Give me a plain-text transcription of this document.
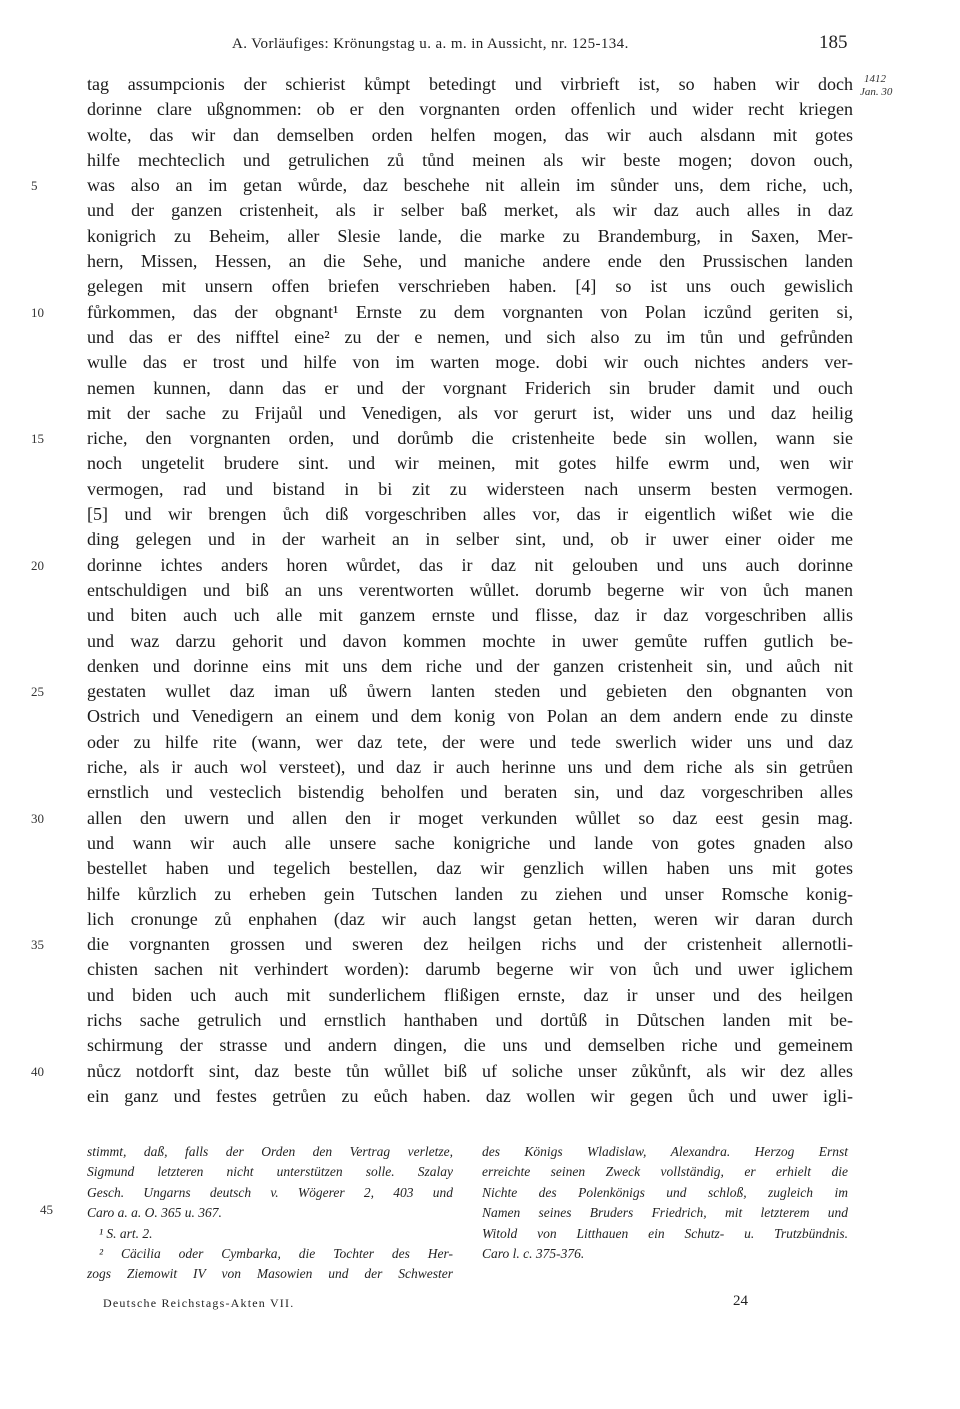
A. Vorläufiges: Krönungstag u. a. m. in Aussicht, nr. 125-134.	185
1412
Jan. 30
tag assumpcionis der schierist kůmpt betedingt und virbrieft ist, so haben wir doch
dorinne clare ußgnommen: ob er den vorgnanten orden offenlich und wider recht kriegen
wolte, das wir dan demselben orden helfen mogen, das wir auch alsdann mit gotes
hilfe mechteclich und getrulichen zů tůnd meinen als wir beste mogen; dovon ouch,
5	was also an im getan wůrde, daz beschehe nit allein im sůnder uns, dem riche, uch,
und der ganzen cristenheit, als ir selber baß merket, als wir daz auch alles in daz
konigrich zu Beheim, aller Slesie lande, die marke zu Brandemburg, in Saxen, Mer-
hern, Missen, Hessen, an die Sehe, und maniche andere ende den Prussischen landen
gelegen mit unsern offen briefen verschrieben haben. [4] so ist uns ouch gewislich
10	fůrkommen, das der obgnant¹ Ernste zu dem vorgnanten von Polan iczůnd geriten si,
und das er des nifftel eine² zu der e nemen, und sich also zu im tůn und gefrůnden
wulle das er trost und hilfe von im warten moge. dobi wir ouch nichtes anders ver-
nemen kunnen, dann das er und der vorgnant Friderich sin bruder damit und ouch
mit der sache zu Frijaůl und Venedigen, als vor gerurt ist, wider uns und daz heilig
15	riche, den vorgnanten orden, und dorůmb die cristenheite bede sin wollen, wann sie
noch ungetelit brudere sint. und wir meinen, mit gotes hilfe ewrm und, wen wir
vermogen, rad und bistand in bi zit zu widersteen nach unserm besten vermogen.
[5] und wir brengen ůch diß vorgeschriben alles vor, das ir eigentlich wißet wie die
ding gelegen und in der warheit an in selber sint, und, ob ir uwer einer oider me
20	dorinne ichtes anders horen wůrdet, das ir daz nit gelouben und uns auch dorinne
entschuldigen und biß an uns verentworten wůllet. dorumb begerne wir von ůch manen
und biten auch uch alle mit ganzem ernste und flisse, daz ir daz vorgeschriben allis
und waz darzu gehorit und davon kommen mochte in uwer gemůte ruffen gutlich be-
denken und dorinne eins mit uns dem riche und der ganzen cristenheit sin, und aůch nit
25	gestaten wullet daz iman uß ůwern lanten steden und gebieten den obgnanten von
Ostrich und Venedigern an einem und dem konig von Polan an dem andern ende zu dinste
oder zu hilfe rite (wann, wer daz tete, der were und tede swerlich wider uns und daz
riche, als ir auch wol versteet), und daz ir auch herinne uns und dem riche als sin getrůen
ernstlich und vesteclich bistendig beholfen und beraten sin, und daz vorgeschriben alles
30	allen den uwern und allen den ir moget verkunden wůllet so daz eest gesin mag.
und wann wir auch alle unsere sache konigriche und lande von gotes gnaden also
bestellet haben und tegelich bestellen, daz wir genzlich willen haben uns mit gotes
hilfe kůrzlich zu erheben gein Tutschen landen zu ziehen und unser Romsche konig-
lich cronunge zů enphahen (daz wir auch langst getan hetten, weren wir daran durch
35	die vorgnanten grossen und sweren dez heilgen richs und der cristenheit allernotli-
chisten sachen nit verhindert worden): darumb begerne wir von ůch und uwer iglichem
und biden uch auch mit sunderlichem flißigen ernste, daz ir unser und des heilgen
richs sache getrulich und ernstlich hanthaben und dortůß in Důtschen landen mit be-
schirmung der strasse und andern dingen, die uns und demselben riche und gemeinem
40	nůcz notdorft sint, daz beste tůn wůllet biß uf soliche unser zůkůnft, als wir dez alles
ein ganz und festes getrůen zu eůch haben. daz wollen wir gegen ůch und uwer igli-
45
stimmt, daß, falls der Orden den Vertrag verletze,
Sigmund letzteren nicht unterstützen solle. Szalay
Gesch. Ungarns deutsch v. Wögerer 2, 403 und
Caro a. a. O. 365 u. 367.
¹ S. art. 2.
² Cäcilia oder Cymbarka, die Tochter des Her-
zogs Ziemowit IV von Masowien und der Schwester
des Königs Wladislaw, Alexandra. Herzog Ernst
erreichte seinen Zweck vollständig, er erhielt die
Nichte des Polenkönigs und schloß, zugleich im
Namen seines Bruders Friedrich, mit letzterem und
Witold von Litthauen ein Schutz- u. Trutzbündnis.
Caro l. c. 375-376.
Deutsche Reichstags-Akten VII.	24
